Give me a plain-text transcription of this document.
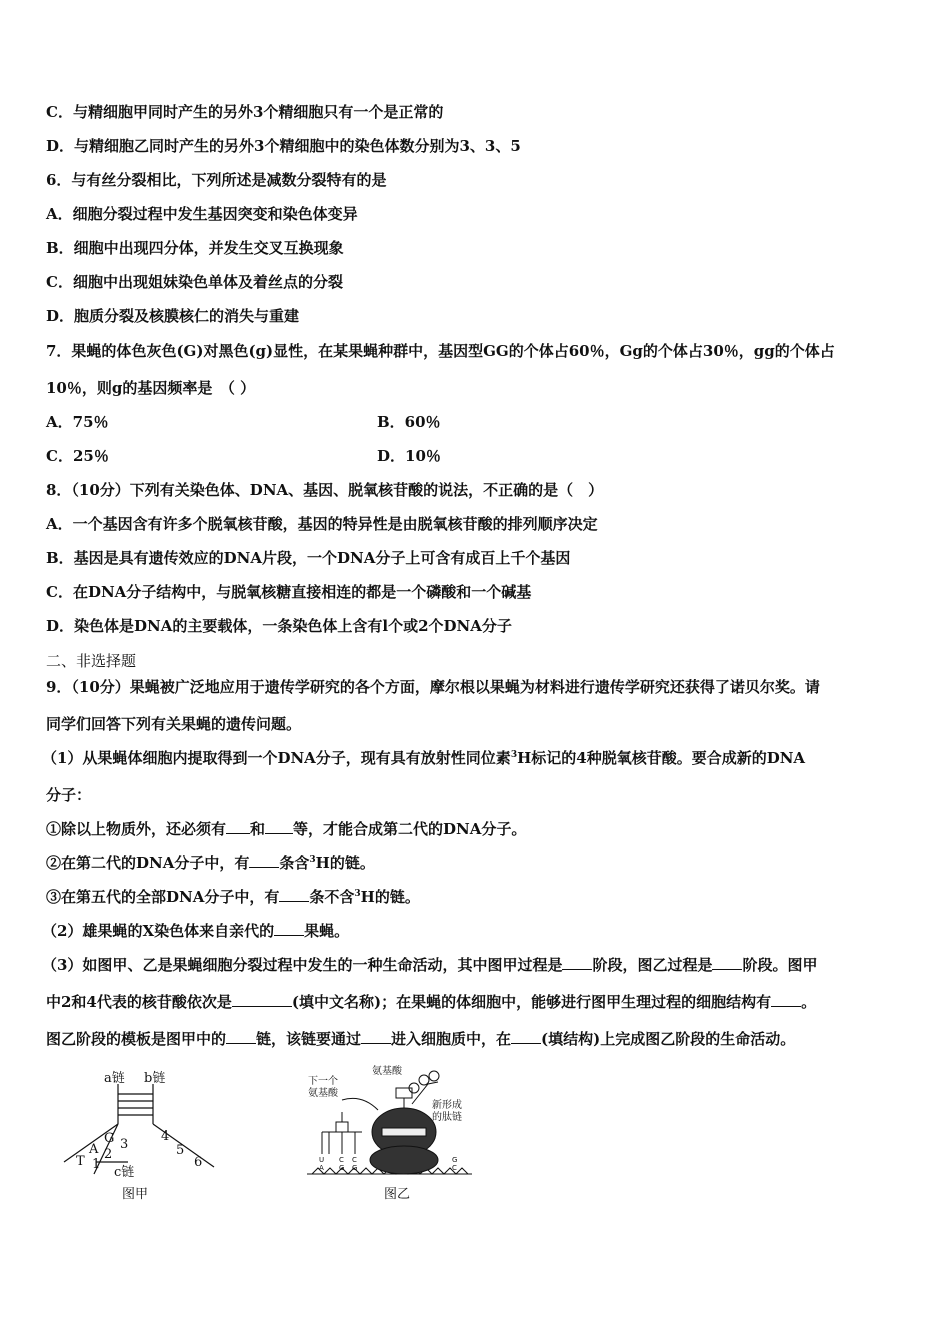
C．与精细胞甲同时产生的另外3个精细胞只有一个是正常的
D．与精细胞乙同时产生的另外3个精细胞中的染色体数分别为3、3、5
6．与有丝分裂相比，下列所述是减数分裂特有的是
A．细胞分裂过程中发生基因突变和染色体变异
B．细胞中出现四分体，并发生交叉互换现象
C．细胞中出现姐妹染色单体及着丝点的分裂
D．胞质分裂及核膜核仁的消失与重建
7．果蝇的体色灰色(G)对黑色(g)显性，在某果蝇种群中，基因型GG的个体占60％，Gg的个体占30％，gg的个体占
10％，则g的基因频率是　（ ）
A．75％	B．60％
C．25％	D．10％
8．（10分）下列有关染色体、DNA、基因、脱氧核苷酸的说法，不正确的是（　）
A．一个基因含有许多个脱氧核苷酸，基因的特异性是由脱氧核苷酸的排列顺序决定
B．基因是具有遗传效应的DNA片段，一个DNA分子上可含有成百上千个基因
C．在DNA分子结构中，与脱氧核糖直接相连的都是一个磷酸和一个碱基
D．染色体是DNA的主要载体，一条染色体上含有l个或2个DNA分子
二、非选择题
9．（10分）果蝇被广泛地应用于遗传学研究的各个方面，摩尔根以果蝇为材料进行遗传学研究还获得了诺贝尔奖。请
同学们回答下列有关果蝇的遗传问题。
（1）从果蝇体细胞内提取得到一个DNA分子，现有具有放射性同位素$^3$H标记的4种脱氧核苷酸。要合成新的DNA
分子：
①除以上物质外，还必须有 和 等，才能合成第二代的DNA分子。
②在第二代的DNA分子中，有 条含$^3$H的链。
③在第五代的全部DNA分子中，有 条不含$^3$H的链。
（2）雄果蝇的X染色体来自亲代的 果蝇。
（3）如图甲、乙是果蝇细胞分裂过程中发生的一种生命活动，其中图甲过程是 阶段，图乙过程是 阶段。图甲
中2和4代表的核苷酸依次是	(填中文名称)；在果蝇的体细胞中，能够进行图甲生理过程的细胞结构有 。
图乙阶段的模板是图甲中的 链，该链要通过 进入细胞质中，在 (填结构)上完成图乙阶段的生命活动。
a链 b链
c链
T
A
G
1
2
3
4
5
6
图甲
下一个
氨基酸
氨基酸
新形成
的肽链
U
A
C
G
C
G
G
C
图乙
